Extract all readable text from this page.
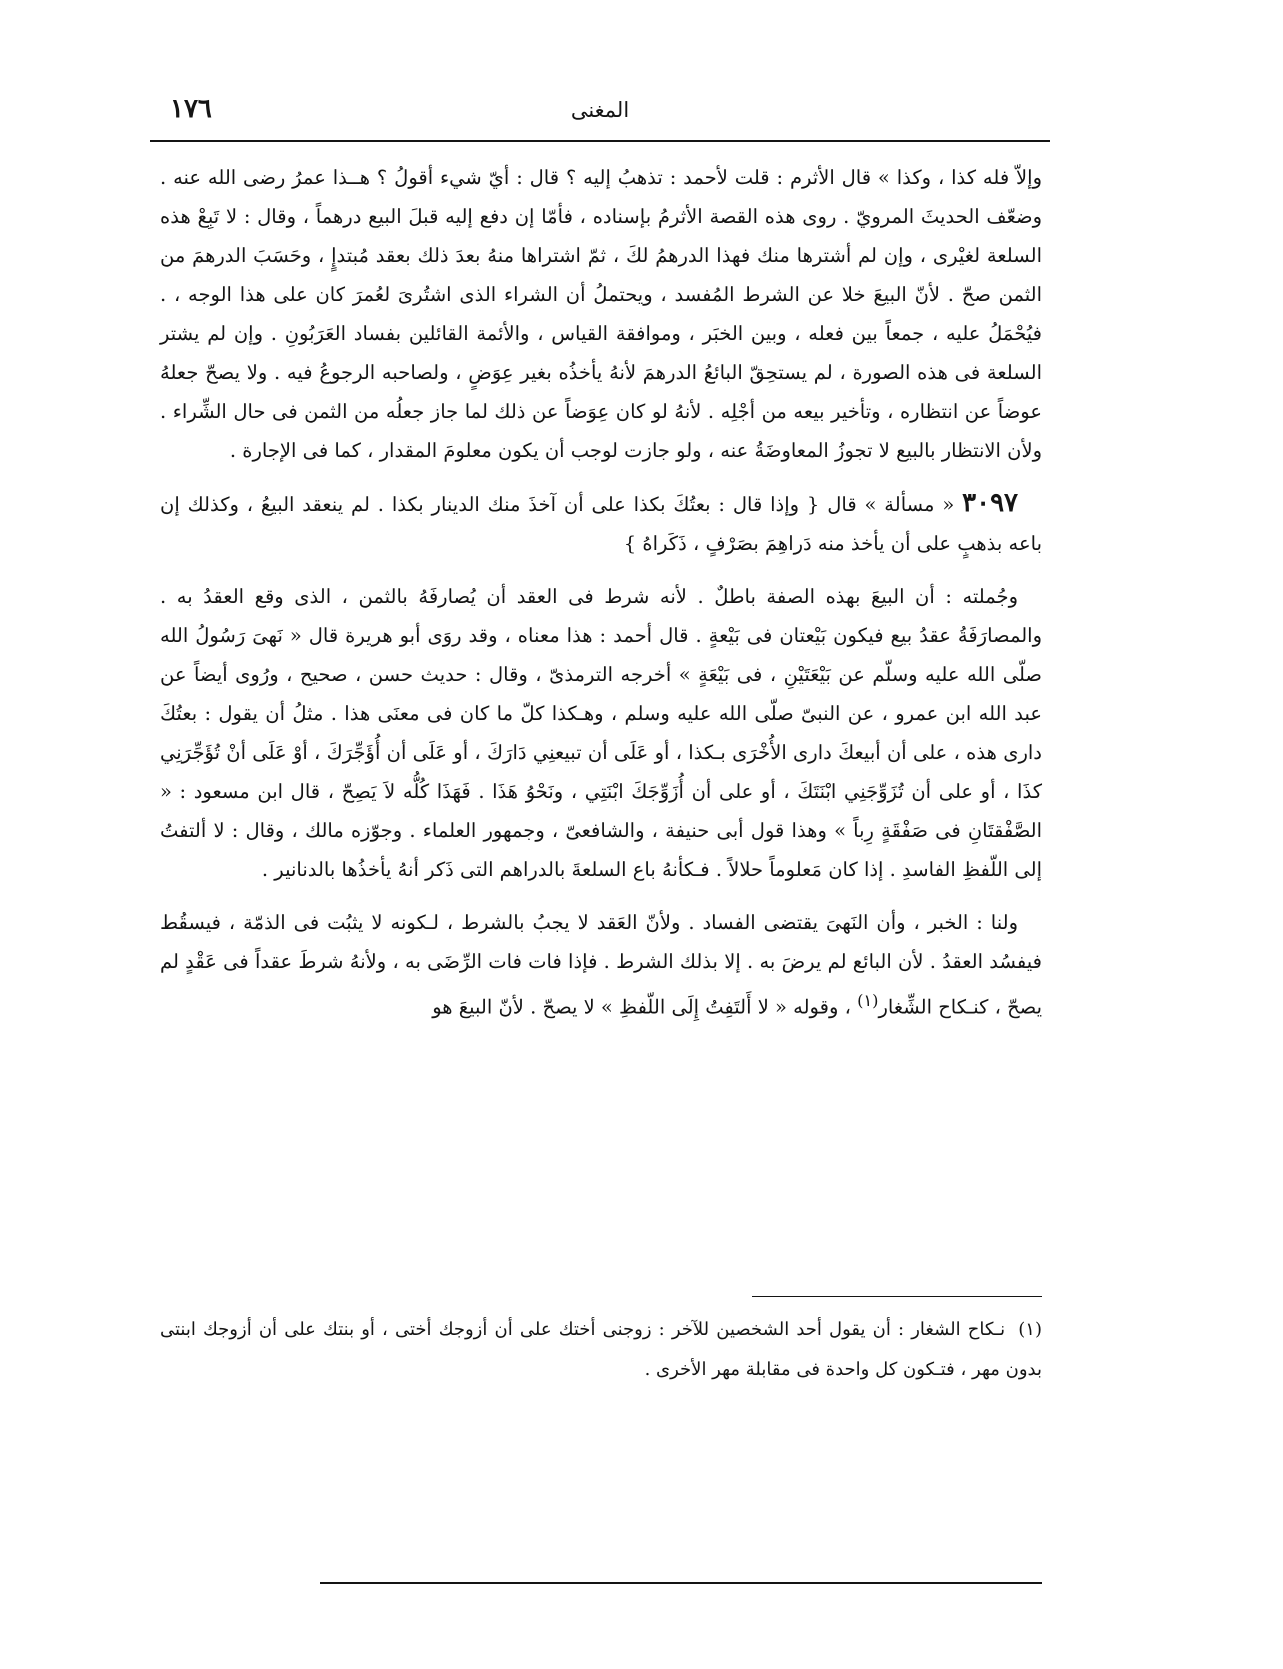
١٧٦	المغنى

وإلاّ فله كذا ، وكذا » قال الأثرم : قلت لأحمد : تذهبُ إليه ؟ قال : أيّ شيء أقولُ ؟ هــذا عمرُ رضى الله عنه . وضعّف الحديثَ المرويّ . روى هذه القصة الأثرمُ بإسناده ، فأمّا إن دفع إليه قبلَ البيع درهماً ، وقال : لا تَبِعْ هذه السلعة لغيْرى ، وإن لم أشترها منك فهذا الدرهمُ لكَ ، ثمّ اشتراها منهُ بعدَ ذلك بعقد مُبتدإٍ ، وحَسَبَ الدرهمَ من الثمن صحّ . لأنّ البيعَ خلا عن الشرط المُفسد ، ويحتملُ أن الشراء الذى اشتُرىَ لعُمرَ كان على هذا الوجه ، . فيُحْمَلُ عليه ، جمعاً بين فعله ، وبين الخبَر ، وموافقة القياس ، والأئمة القائلين بفساد العَرَبُونِ . وإن لم يشتر السلعة فى هذه الصورة ، لم يستحِقّ البائعُ الدرهمَ لأنهُ يأخذُه بغير عِوَضٍ ، ولصاحبه الرجوعُ فيه . ولا يصحّ جعلهُ عوضاً عن انتظاره ، وتأخير بيعه من أجْلِه . لأنهُ لو كان عِوَضاً عن ذلك لما جاز جعلُه من الثمن فى حال الشِّراء . ولأن الانتظار بالبيع لا تجوزُ المعاوضَةُ عنه ، ولو جازت لوجب أن يكون معلومَ المقدار ، كما فى الإجارة .

٣٠٩٧ « مسألة » قال { وإذا قال : بعتُكَ بكذا على أن آخذَ منك الدينار بكذا . لم ينعقد البيعُ ، وكذلك إن باعه بذهبٍ على أن يأخذ منه دَراهِمَ بصَرْفٍ ، ذَكَراهُ }

وجُملته : أن البيعَ بهذه الصفة باطلٌ . لأنه شرط فى العقد أن يُصارفَهُ بالثمن ، الذى وقع العقدُ به . والمصارَفَةُ عقدُ بيع فيكون بَيْعتان فى بَيْعةٍ . قال أحمد : هذا معناه ، وقد روَى أبو هريرة قال « نَهىَ رَسُولُ الله صلّى الله عليه وسلّم عن بَيْعَتَيْنِ ، فى بَيْعَةٍ » أخرجه الترمذىّ ، وقال : حديث حسن ، صحيح ، ورُوى أيضاً عن عبد الله ابن عمرو ، عن النبىّ صلّى الله عليه وسلم ، وهـكذا كلّ ما كان فى معنَى هذا . مثلُ أن يقول : بعتُكَ دارى هذه ، على أن أبيعكَ دارى الأُخْرَى بـكذا ، أو عَلَى أن تبيعنِي دَارَكَ ، أو عَلَى أن أُؤَجِّرَكَ ، أوْ عَلَى أنْ تُؤَجِّرَنِي كذَا ، أو على أن تُزَوِّجَنِي ابْنَتَكَ ، أو على أن أُزَوِّجَكَ ابْنَتِي ، ونَحْوُ هَذَا . فَهَذَا كُلُّه لاَ يَصِحّ ، قال ابن مسعود : « الصَّفْقتَانِ فى صَفْقَةٍ رِباً » وهذا قول أبى حنيفة ، والشافعىّ ، وجمهور العلماء . وجوّزه مالك ، وقال : لا ألتفتُ إلى اللّفظِ الفاسدِ . إذا كان مَعلوماً حلالاً . فـكأنهُ باع السلعةَ بالدراهم التى ذَكر أنهُ يأخذُها بالدنانير .

ولنا : الخبر ، وأن النَهىَ يقتضى الفساد . ولأنّ العَقد لا يجبُ بالشرط ، لـكونه لا يثبُت فى الذمّة ، فيسقُط فيفسُد العقدُ . لأن البائع لم يرضَ به . إلا بذلك الشرط . فإذا فات فات الرِّضَى به ، ولأنهُ شرطَ عقداً فى عَقْدٍ لم يصحّ ، كنـكاح الشِّغار$^{(١)}$ ، وقوله « لا أَلتَفِتُ إِلَى اللّفظِ » لا يصحّ . لأنّ البيعَ هو

(١) نـكاح الشغار : أن يقول أحد الشخصين للآخر : زوجنى أختك على أن أزوجك أختى ، أو بنتك على أن أزوجك ابنتى بدون مهر ، فتـكون كل واحدة فى مقابلة مهر الأخرى .
